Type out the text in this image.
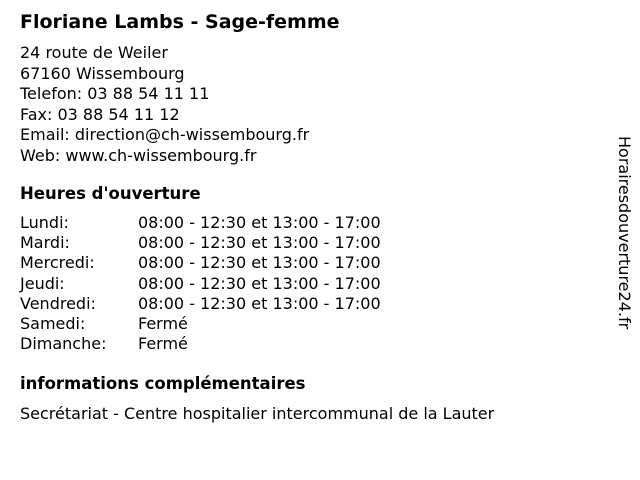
Floriane Lambs - Sage-femme
24 route de Weiler
67160 Wissembourg
Telefon: 03 88 54 11 11
Fax: 03 88 54 11 12
Email: direction@ch-wissembourg.fr
Web: www.ch-wissembourg.fr
Heures d'ouverture
Lundi:	08:00 - 12:30 et 13:00 - 17:00
Mardi:	08:00 - 12:30 et 13:00 - 17:00
Mercredi:	08:00 - 12:30 et 13:00 - 17:00
Jeudi:	08:00 - 12:30 et 13:00 - 17:00
Vendredi:	08:00 - 12:30 et 13:00 - 17:00
Samedi:	Fermé
Dimanche:	Fermé
informations complémentaires
Secrétariat - Centre hospitalier intercommunal de la Lauter
Horairesdouverture24.fr
